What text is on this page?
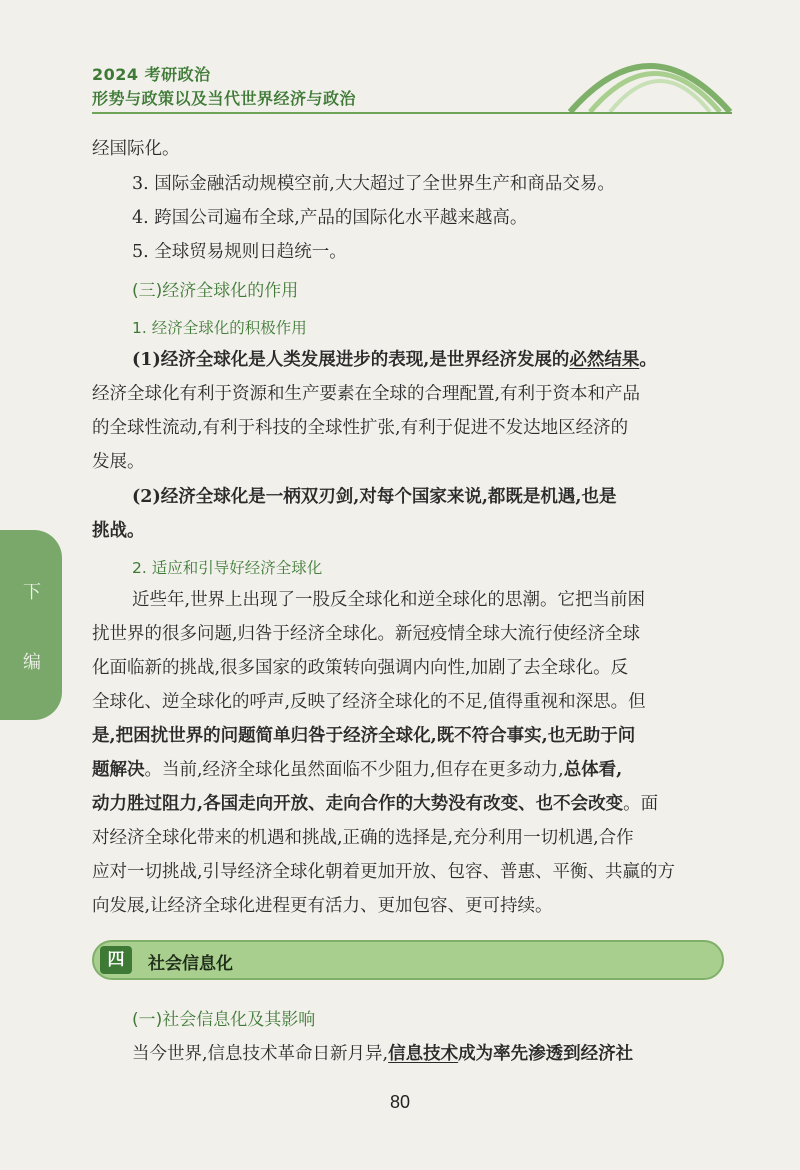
2024 考研政治
形势与政策以及当代世界经济与政治
下
编
经国际化。
3. 国际金融活动规模空前,大大超过了全世界生产和商品交易。
4. 跨国公司遍布全球,产品的国际化水平越来越高。
5. 全球贸易规则日趋统一。
(三)经济全球化的作用
1. 经济全球化的积极作用
(1)经济全球化是人类发展进步的表现,是世界经济发展的必然结果。
经济全球化有利于资源和生产要素在全球的合理配置,有利于资本和产品
的全球性流动,有利于科技的全球性扩张,有利于促进不发达地区经济的
发展。
(2)经济全球化是一柄双刃剑,对每个国家来说,都既是机遇,也是
挑战。
2. 适应和引导好经济全球化
近些年,世界上出现了一股反全球化和逆全球化的思潮。它把当前困
扰世界的很多问题,归咎于经济全球化。新冠疫情全球大流行使经济全球
化面临新的挑战,很多国家的政策转向强调内向性,加剧了去全球化。反
全球化、逆全球化的呼声,反映了经济全球化的不足,值得重视和深思。但
是,把困扰世界的问题简单归咎于经济全球化,既不符合事实,也无助于问
题解决。当前,经济全球化虽然面临不少阻力,但存在更多动力,总体看,
动力胜过阻力,各国走向开放、走向合作的大势没有改变、也不会改变。面
对经济全球化带来的机遇和挑战,正确的选择是,充分利用一切机遇,合作
应对一切挑战,引导经济全球化朝着更加开放、包容、普惠、平衡、共赢的方
向发展,让经济全球化进程更有活力、更加包容、更可持续。
四	社会信息化
(一)社会信息化及其影响
当今世界,信息技术革命日新月异,信息技术成为率先渗透到经济社
80
